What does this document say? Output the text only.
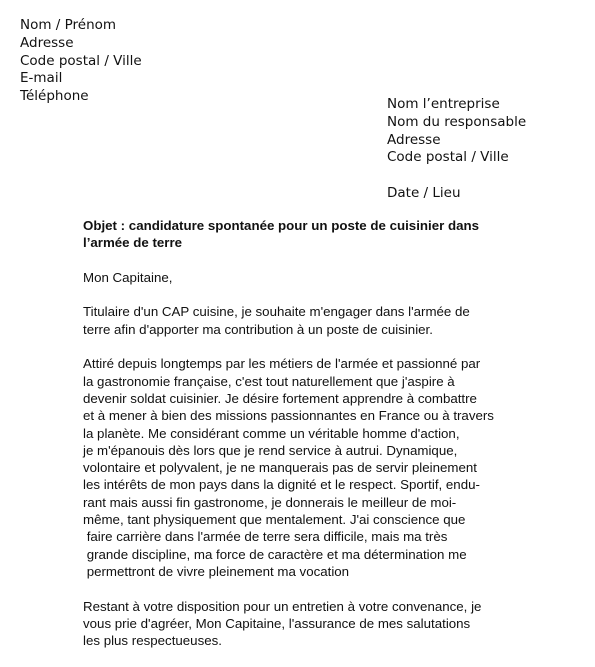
Nom / Prénom
Adresse
Code postal / Ville
E-mail
Téléphone	Nom l’entreprise
Nom du responsable
Adresse
Code postal / Ville
Date / Lieu
Objet : candidature spontanée pour un poste de cuisinier dans
l’armée de terre
Mon Capitaine,
Titulaire d'un CAP cuisine, je souhaite m'engager dans l'armée de
terre afin d'apporter ma contribution à un poste de cuisinier.
Attiré depuis longtemps par les métiers de l'armée et passionné par
la gastronomie française, c'est tout naturellement que j'aspire à
devenir soldat cuisinier. Je désire fortement apprendre à combattre
et à mener à bien des missions passionnantes en France ou à travers
la planète. Me considérant comme un véritable homme d'action,
je m'épanouis dès lors que je rend service à autrui. Dynamique,
volontaire et polyvalent, je ne manquerais pas de servir pleinement
les intérêts de mon pays dans la dignité et le respect. Sportif, endu-
rant mais aussi fin gastronome, je donnerais le meilleur de moi-
même, tant physiquement que mentalement. J'ai conscience que
faire carrière dans l'armée de terre sera difficile, mais ma très
grande discipline, ma force de caractère et ma détermination me
permettront de vivre pleinement ma vocation
Restant à votre disposition pour un entretien à votre convenance, je
vous prie d'agréer, Mon Capitaine, l'assurance de mes salutations
les plus respectueuses.
